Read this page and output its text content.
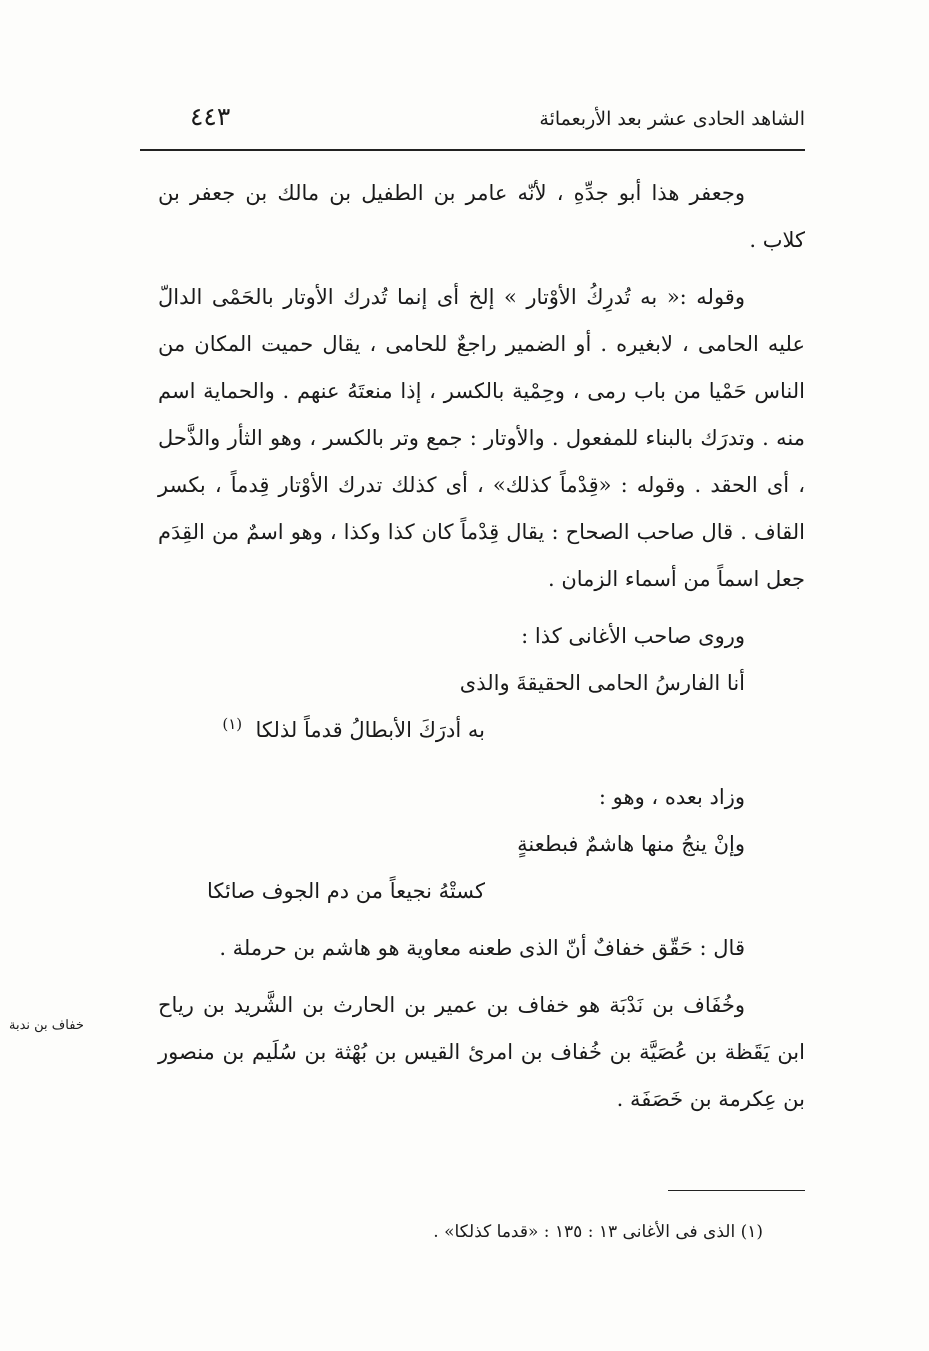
الشاهد الحادى عشر بعد الأربعمائة
٤٤٣

وجعفر هذا أبو جدِّهِ ، لأنّه عامر بن الطفيل بن مالك بن جعفر بن كلاب .

وقوله :« به تُدرِكُ الأوْتار » إلخ أى إنما تُدرك الأوتار بالحَمْى الدالّ عليه الحامى ، لابغيره . أو الضمير راجعٌ للحامى ، يقال حميت المكان من الناس حَمْيا من باب رمى ، وحِمْية بالكسر ، إذا منعتَهُ عنهم . والحماية اسم منه . وتدرَك بالبناء للمفعول . والأوتار : جمع وتر بالكسر ، وهو الثأر والذَّحل ، أى الحقد . وقوله : «قِدْماً كذلك» ، أى كذلك تدرك الأوْتار قِدماً ، بكسر القاف . قال صاحب الصحاح : يقال قِدْماً كان كذا وكذا ، وهو اسمٌ من القِدَم جعل اسماً من أسماء الزمان .

وروى صاحب الأغانى كذا :

أنا الفارسُ الحامى الحقيقةَ والذى
به أدرَكَ الأبطالُ قدماً لذلكا  $^{(١)}$

وزاد بعده ، وهو :

وإنْ ينجُ منها هاشمٌ فبطعنةٍ
كستْهُ نجيعاً من دم الجوف صائكا

قال : حَقّق خفافٌ أنّ الذى طعنه معاوية هو هاشم بن حرملة .

وخُفَاف بن نَدْبَة هو خفاف بن عمير بن الحارث بن الشَّريد بن رياح ابن يَقَظة بن عُصَيَّة بن خُفاف بن امرئ القيس بن بُهْثة بن سُلَيم بن منصور بن عِكرمة بن خَصَفَة .

خفاف بن ندبة
(١) الذى فى الأغانى ١٣ : ١٣٥ : «قدما كذلكا» .
